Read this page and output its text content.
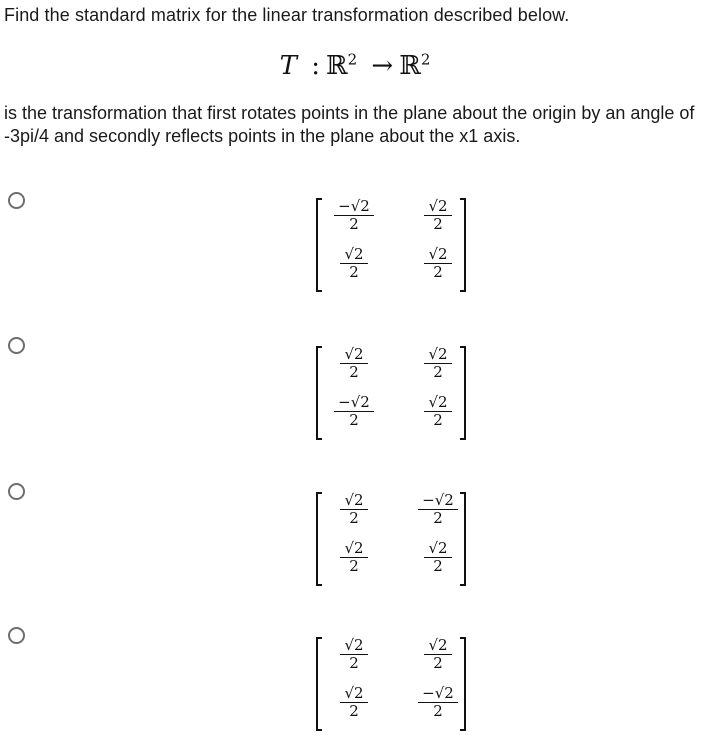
Find the standard matrix for the linear transformation described below.

T : ℝ$^2$ → ℝ$^2$

is the transformation that first rotates points in the plane about the origin by an angle of -3pi/4 and secondly reflects points in the plane about the x1 axis.

−√2
2
√2
2
√2
2
√2
2
√2
2
√2
2
−√2
2
√2
2
√2
2
−√2
2
√2
2
√2
2
√2
2
√2
2
√2
2
−√2
2
